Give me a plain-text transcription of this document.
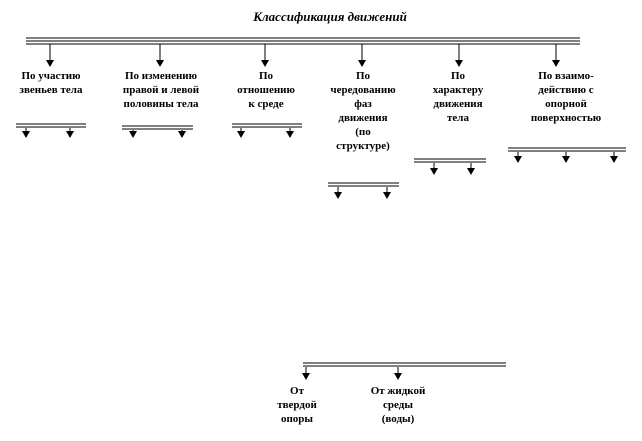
Классификация движений
По участию
звеньев тела
По изменению
правой и левой
половины тела
По
отношению
к среде
По
чередованию
фаз
движения
(по
структуре)
По
характеру
движения
тела
По взаимо-
действию с
опорной
поверхностью
От
твердой
опоры
От жидкой
среды
(воды)
